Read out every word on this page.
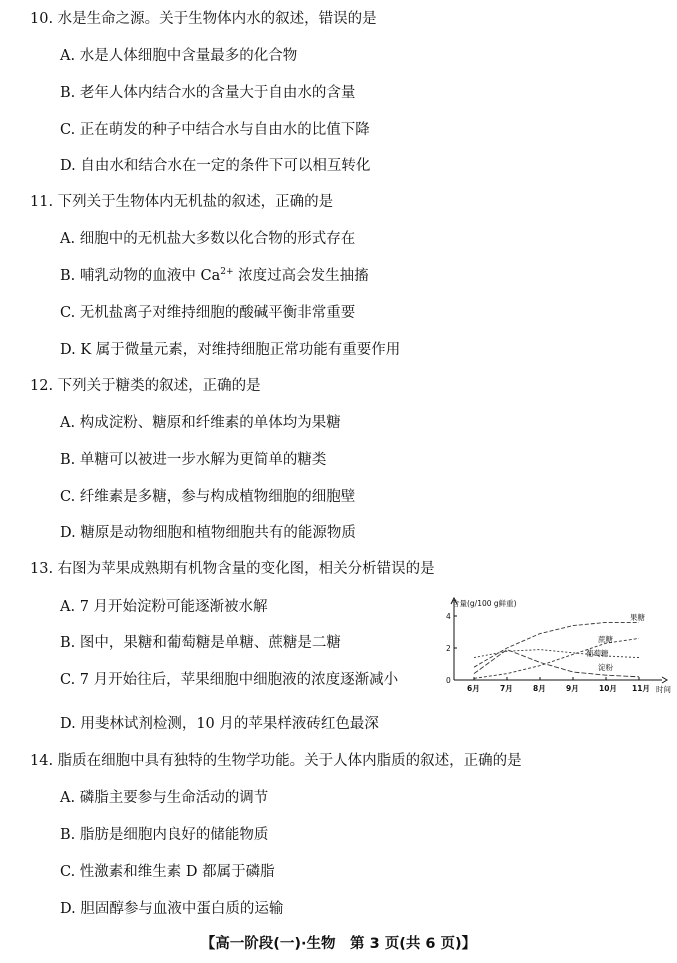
10. 水是生命之源。关于生物体内水的叙述，错误的是
A. 水是人体细胞中含量最多的化合物
B. 老年人体内结合水的含量大于自由水的含量
C. 正在萌发的种子中结合水与自由水的比值下降
D. 自由水和结合水在一定的条件下可以相互转化
11. 下列关于生物体内无机盐的叙述，正确的是
A. 细胞中的无机盐大多数以化合物的形式存在
B. 哺乳动物的血液中 $Ca^{2+}$ 浓度过高会发生抽搐
C. 无机盐离子对维持细胞的酸碱平衡非常重要
D. K 属于微量元素，对维持细胞正常功能有重要作用
12. 下列关于糖类的叙述，正确的是
A. 构成淀粉、糖原和纤维素的单体均为果糖
B. 单糖可以被进一步水解为更简单的糖类
C. 纤维素是多糖，参与构成植物细胞的细胞壁
D. 糖原是动物细胞和植物细胞共有的能源物质
13. 右图为苹果成熟期有机物含量的变化图，相关分析错误的是
A. 7 月开始淀粉可能逐渐被水解
B. 图中，果糖和葡萄糖是单糖、蔗糖是二糖
C. 7 月开始往后，苹果细胞中细胞液的浓度逐渐减小
D. 用斐林试剂检测，10 月的苹果样液砖红色最深
含量(g/100 g鲜重)
时间
0
2
4
6月	7月	8月	9月	10月 11月
果糖
蔗糖
葡萄糖
淀粉
14. 脂质在细胞中具有独特的生物学功能。关于人体内脂质的叙述，正确的是
A. 磷脂主要参与生命活动的调节
B. 脂肪是细胞内良好的储能物质
C. 性激素和维生素 D 都属于磷脂
D. 胆固醇参与血液中蛋白质的运输
【高一阶段(一)·生物　第 3 页(共 6 页)】
